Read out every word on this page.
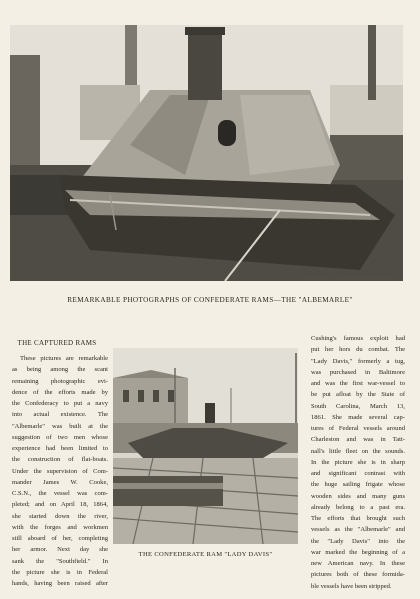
COPYRIGHT, 1911, REVIEW OF REVIEWS CO.
REMARKABLE PHOTOGRAPHS OF CONFEDERATE RAMS—THE "ALBEMARLE"
THE CAPTURED RAMS
These pictures are remarkable
as being among the scant
remaining photographic evi-
dence of the efforts made by
the Confederacy to put a navy
into actual existence. The
"Albemarle" was built at the
suggestion of two men whose
experience had been limited to
the construction of flat-boats.
Under the supervision of Com-
mander James W. Cooke,
C.S.N., the vessel was com-
pleted; and on April 18, 1864,
she started down the river,
with the forges and workmen
still aboard of her, completing
her armor. Next day she
sank the "Southfield." In
the picture she is in Federal
hands, having been raised after
THE CONFEDERATE RAM "LADY DAVIS"
Cushing's famous exploit had
put her hors du combat. The
"Lady Davis," formerly a tug,
was purchased in Baltimore
and was the first war-vessel to
be put afloat by the State of
South Carolina, March 13,
1861. She made several cap-
tures of Federal vessels around
Charleston and was in Tatt-
nall's little fleet on the sounds.
In the picture she is in sharp
and significant contrast with
the huge sailing frigate whose
wooden sides and many guns
already belong to a past era.
The efforts that brought such
vessels as the "Albemarle" and
the "Lady Davis" into the
war marked the beginning of a
new American navy. In these
pictures both of these formida-
ble vessels have been stripped.
